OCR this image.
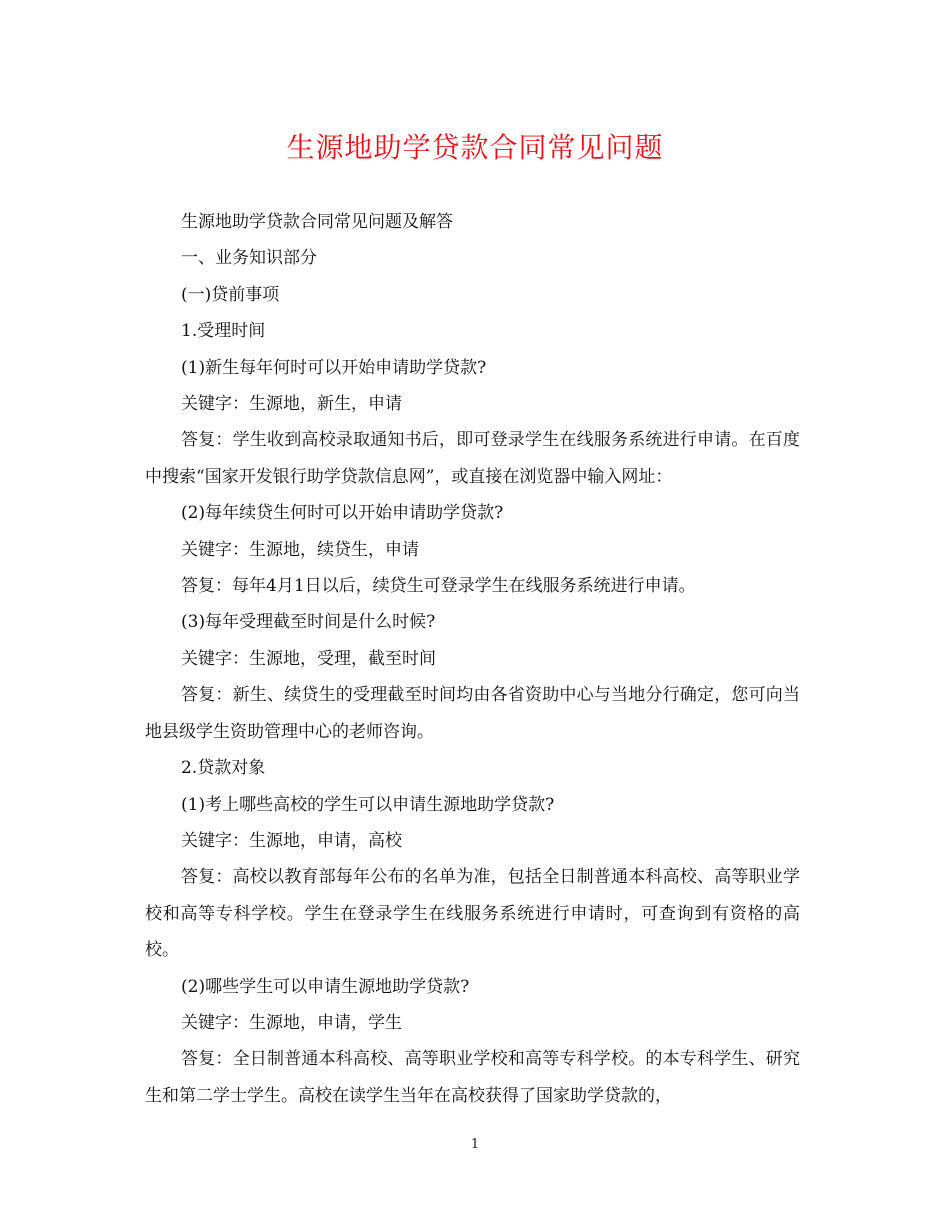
生源地助学贷款合同常见问题

生源地助学贷款合同常见问题及解答

一、业务知识部分

(一)贷前事项

1.受理时间

(1)新生每年何时可以开始申请助学贷款?

关键字：生源地，新生，申请

答复：学生收到高校录取通知书后，即可登录学生在线服务系统进行申请。在百度中搜索“国家开发银行助学贷款信息网”，或直接在浏览器中输入网址：

(2)每年续贷生何时可以开始申请助学贷款?

关键字：生源地，续贷生，申请

答复：每年4月1日以后，续贷生可登录学生在线服务系统进行申请。

(3)每年受理截至时间是什么时候?

关键字：生源地，受理，截至时间

答复：新生、续贷生的受理截至时间均由各省资助中心与当地分行确定，您可向当地县级学生资助管理中心的老师咨询。

2.贷款对象

(1)考上哪些高校的学生可以申请生源地助学贷款?

关键字：生源地，申请，高校

答复：高校以教育部每年公布的名单为准，包括全日制普通本科高校、高等职业学校和高等专科学校。学生在登录学生在线服务系统进行申请时，可查询到有资格的高校。

(2)哪些学生可以申请生源地助学贷款?

关键字：生源地，申请，学生

答复：全日制普通本科高校、高等职业学校和高等专科学校。的本专科学生、研究生和第二学士学生。高校在读学生当年在高校获得了国家助学贷款的，

1
